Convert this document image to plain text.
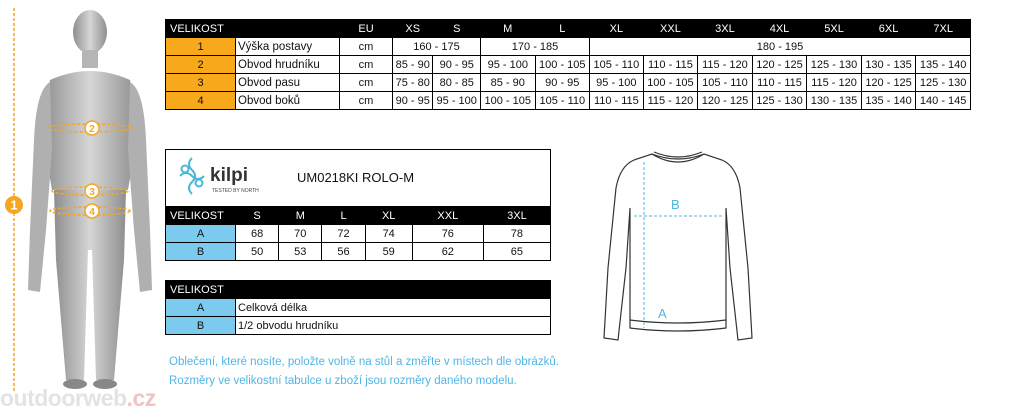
1
2
3
4
VELIKOST		EU	XS	S	M	L	XL	XXL	3XL	4XL	5XL	6XL	7XL
1	Výška postavy	cm	160 - 175		170 - 185		180 - 195						
2	Obvod hrudníku	cm	85 - 90	90 - 95	95 - 100	100 - 105	105 - 110	110 - 115	115 - 120	120 - 125	125 - 130	130 - 135	135 - 140
3	Obvod pasu	cm	75 - 80	80 - 85	85 - 90	90 - 95	95 - 100	100 - 105	105 - 110	110 - 115	115 - 120	120 - 125	125 - 130
4	Obvod boků	cm	90 - 95	95 - 100	100 - 105	105 - 110	110 - 115	115 - 120	120 - 125	125 - 130	130 - 135	135 - 140	140 - 145
kilpi
TESTED BY NORTH
UM0218KI ROLO-M
VELIKOST	S	M	L	XL	XXL	3XL
A	68	70	72	74	76	78
B	50	53	56	59	62	65
VELIKOST	
A	Celková délka
B	1/2 obvodu hrudníku
A
B
Oblečení, které nosíte, položte volně na stůl a změřte v místech dle obrázků.
Rozměry ve velikostní tabulce u zboží jsou rozměry daného modelu.
outdoorweb.cz
